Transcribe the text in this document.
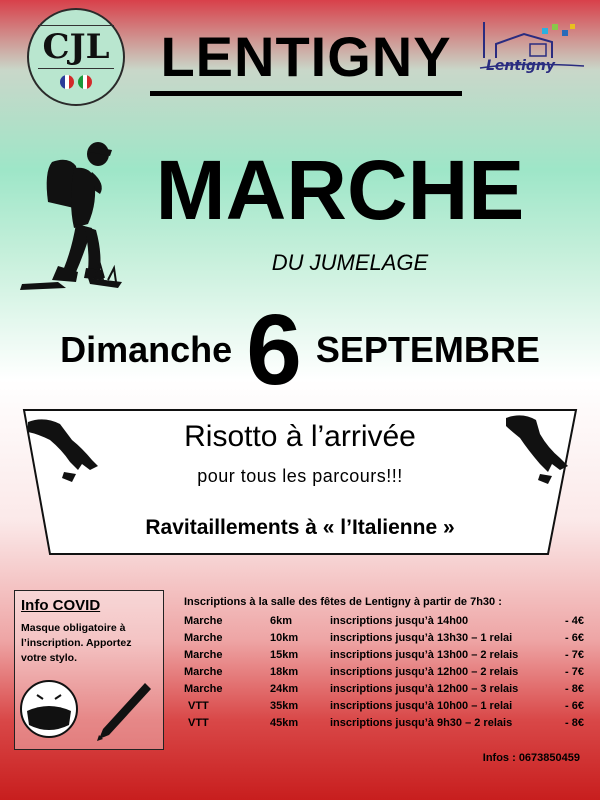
CJL LENTIGNY	Lentigny
MARCHE
DU JUMELAGE
Dimanche 6 SEPTEMBRE
Risotto à l’arrivée
pour tous les parcours!!!
Ravitaillements à « l’Italienne »
Info COVID
Masque obligatoire à l’inscription. Apportez votre stylo.
Inscriptions à la salle des fêtes de Lentigny à partir de 7h30 :
Marche	6km	inscriptions jusqu’à 14h00	- 4€
Marche	10km	inscriptions jusqu’à 13h30 – 1 relai	- 6€
Marche	15km	inscriptions jusqu’à 13h00 – 2 relais	- 7€
Marche	18km	inscriptions jusqu’à 12h00 – 2 relais	- 7€
Marche	24km	inscriptions jusqu’à 12h00 – 3 relais	- 8€
VTT	35km	inscriptions jusqu’à 10h00 – 1 relai	- 6€
VTT	45km	inscriptions jusqu’à 9h30 – 2 relais	- 8€
Infos : 0673850459
